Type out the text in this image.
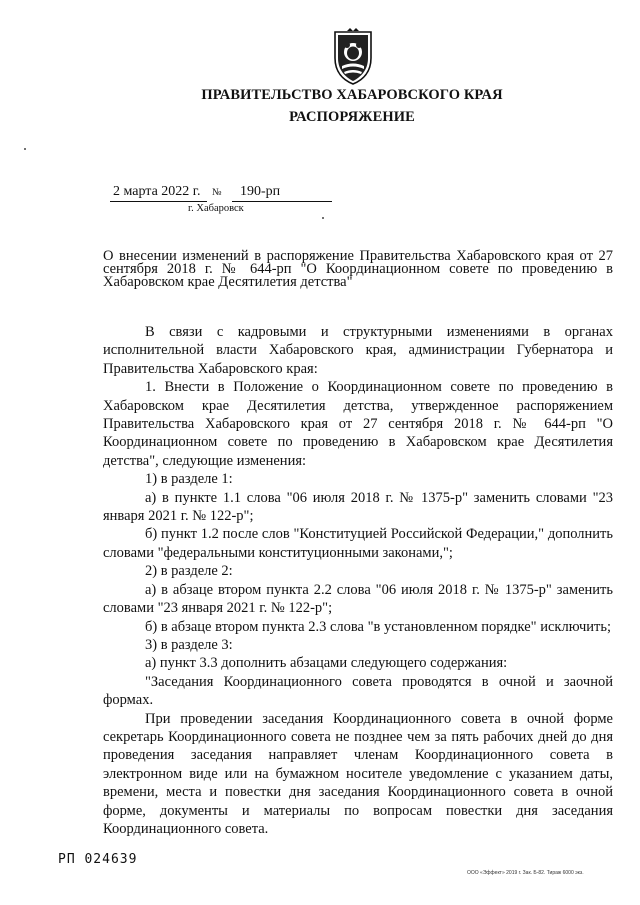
ПРАВИТЕЛЬСТВО ХАБАРОВСКОГО КРАЯ
РАСПОРЯЖЕНИЕ
2 марта 2022 г. № 190-рп
г. Хабаровск
О внесении изменений в распоряжение Правительства Хабаровского края от 27 сентября 2018 г. № 644-рп "О Координационном совете по проведению в Хабаровском крае Десятилетия детства"

В связи с кадровыми и структурными изменениями в органах исполнительной власти Хабаровского края, администрации Губернатора и Правительства Хабаровского края:

1. Внести в Положение о Координационном совете по проведению в Хабаровском крае Десятилетия детства, утвержденное распоряжением Правительства Хабаровского края от 27 сентября 2018 г. № 644-рп "О Координационном совете по проведению в Хабаровском крае Десятилетия детства", следующие изменения:

1) в разделе 1:

а) в пункте 1.1 слова "06 июля 2018 г. № 1375-р" заменить словами "23 января 2021 г. № 122-р";

б) пункт 1.2 после слов "Конституцией Российской Федерации," дополнить словами "федеральными конституционными законами,";

2) в разделе 2:

а) в абзаце втором пункта 2.2 слова "06 июля 2018 г. № 1375-р" заменить словами "23 января 2021 г. № 122-р";

б) в абзаце втором пункта 2.3 слова "в установленном порядке" исключить;

3) в разделе 3:

а) пункт 3.3 дополнить абзацами следующего содержания:

"Заседания Координационного совета проводятся в очной и заочной формах.

При проведении заседания Координационного совета в очной форме секретарь Координационного совета не позднее чем за пять рабочих дней до дня проведения заседания направляет членам Координационного совета в электронном виде или на бумажном носителе уведомление с указанием даты, времени, места и повестки дня заседания Координационного совета в очной форме, документы и материалы по вопросам повестки дня заседания Координационного совета.

РП 024639
ООО «Эффект» 2019 г. Зак. Б-82. Тираж 6000 экз.
